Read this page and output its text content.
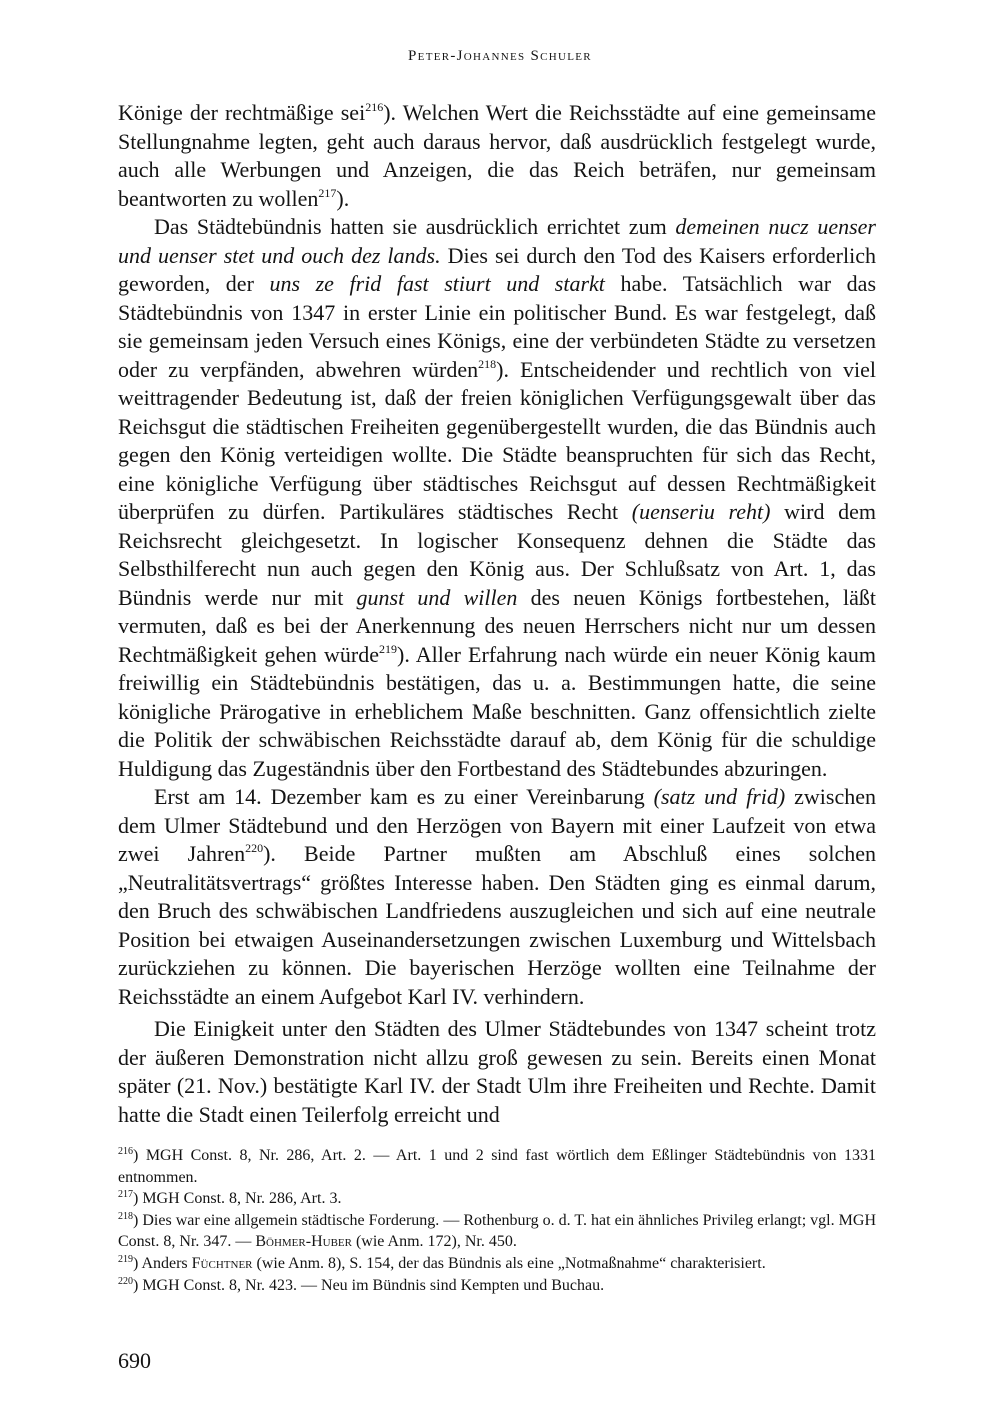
Peter-Johannes Schuler

Könige der rechtmäßige sei$^{216}$). Welchen Wert die Reichsstädte auf eine gemeinsame Stellungnahme legten, geht auch daraus hervor, daß ausdrücklich festgelegt wurde, auch alle Werbungen und Anzeigen, die das Reich beträfen, nur gemeinsam beantworten zu wollen$^{217}$).

Das Städtebündnis hatten sie ausdrücklich errichtet zum demeinen nucz uenser und uenser stet und ouch dez lands. Dies sei durch den Tod des Kaisers erforderlich geworden, der uns ze frid fast stiurt und starkt habe. Tatsächlich war das Städtebündnis von 1347 in erster Linie ein politischer Bund. Es war festgelegt, daß sie gemeinsam jeden Versuch eines Königs, eine der verbündeten Städte zu versetzen oder zu verpfänden, abwehren würden$^{218}$). Entscheidender und rechtlich von viel weittragender Bedeutung ist, daß der freien königlichen Verfügungsgewalt über das Reichsgut die städtischen Freiheiten gegenübergestellt wurden, die das Bündnis auch gegen den König verteidigen wollte. Die Städte beanspruchten für sich das Recht, eine königliche Verfügung über städtisches Reichsgut auf dessen Rechtmäßigkeit überprüfen zu dürfen. Partikuläres städtisches Recht (uenseriu reht) wird dem Reichsrecht gleichgesetzt. In logischer Konsequenz dehnen die Städte das Selbsthilferecht nun auch gegen den König aus. Der Schlußsatz von Art. 1, das Bündnis werde nur mit gunst und willen des neuen Königs fortbestehen, läßt vermuten, daß es bei der Anerkennung des neuen Herrschers nicht nur um dessen Rechtmäßigkeit gehen würde$^{219}$). Aller Erfahrung nach würde ein neuer König kaum freiwillig ein Städtebündnis bestätigen, das u. a. Bestimmungen hatte, die seine königliche Prärogative in erheblichem Maße beschnitten. Ganz offensichtlich zielte die Politik der schwäbischen Reichsstädte darauf ab, dem König für die schuldige Huldigung das Zugeständnis über den Fortbestand des Städtebundes abzuringen.

Erst am 14. Dezember kam es zu einer Vereinbarung (satz und frid) zwischen dem Ulmer Städtebund und den Herzögen von Bayern mit einer Laufzeit von etwa zwei Jahren$^{220}$). Beide Partner mußten am Abschluß eines solchen „Neutralitätsvertrags“ größtes Interesse haben. Den Städten ging es einmal darum, den Bruch des schwäbischen Landfriedens auszugleichen und sich auf eine neutrale Position bei etwaigen Auseinandersetzungen zwischen Luxemburg und Wittelsbach zurückziehen zu können. Die bayerischen Herzöge wollten eine Teilnahme der Reichsstädte an einem Aufgebot Karl IV. verhindern.

Die Einigkeit unter den Städten des Ulmer Städtebundes von 1347 scheint trotz der äußeren Demonstration nicht allzu groß gewesen zu sein. Bereits einen Monat später (21. Nov.) bestätigte Karl IV. der Stadt Ulm ihre Freiheiten und Rechte. Damit hatte die Stadt einen Teilerfolg erreicht und

$^{216}$) MGH Const. 8, Nr. 286, Art. 2. — Art. 1 und 2 sind fast wörtlich dem Eßlinger Städtebündnis von 1331 entnommen.

$^{217}$) MGH Const. 8, Nr. 286, Art. 3.

$^{218}$) Dies war eine allgemein städtische Forderung. — Rothenburg o. d. T. hat ein ähnliches Privileg erlangt; vgl. MGH Const. 8, Nr. 347. — Böhmer-Huber (wie Anm. 172), Nr. 450.

$^{219}$) Anders Füchtner (wie Anm. 8), S. 154, der das Bündnis als eine „Notmaßnahme“ charakterisiert.

$^{220}$) MGH Const. 8, Nr. 423. — Neu im Bündnis sind Kempten und Buchau.

690
